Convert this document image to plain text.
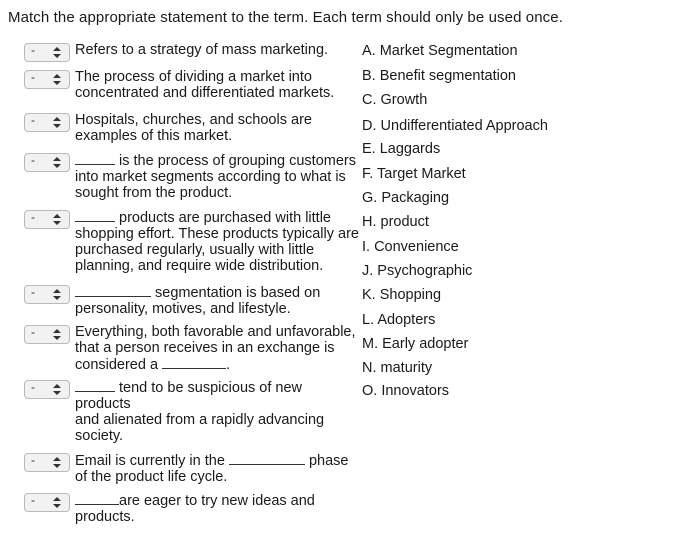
Match the appropriate statement to the term. Each term should only be used once.
-	Refers to a strategy of mass marketing.
-	The process of dividing a market into
concentrated and differentiated markets.
-	Hospitals, churches, and schools are
examples of this market.
-	is the process of grouping customers
into market segments according to what is
sought from the product.
-	products are purchased with little
shopping effort. These products typically are
purchased regularly, usually with little
planning, and require wide distribution.
-	segmentation is based on
personality, motives, and lifestyle.
-	Everything, both favorable and unfavorable,
that a person receives in an exchange is
considered a	.
-	tend to be suspicious of new products
and alienated from a rapidly advancing
society.
-	Email is currently in the	phase
of the product life cycle.
-	are eager to try new ideas and
products.
A. Market Segmentation
B. Benefit segmentation
C. Growth
D. Undifferentiated Approach
E. Laggards
F. Target Market
G. Packaging
H. product
I. Convenience
J. Psychographic
K. Shopping
L. Adopters
M. Early adopter
N. maturity
O. Innovators
